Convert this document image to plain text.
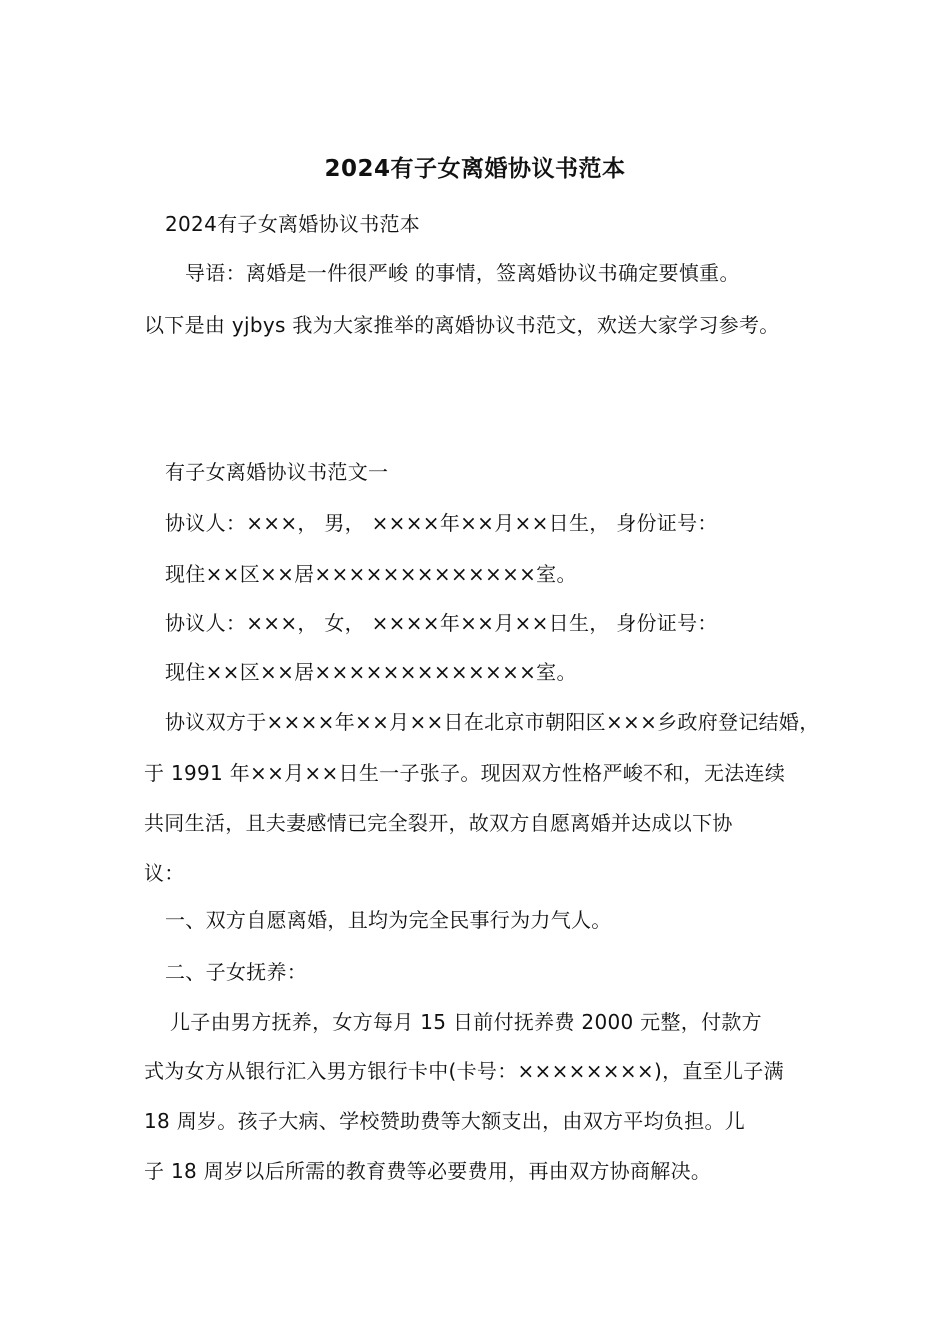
2024有子女离婚协议书范本
2024有子女离婚协议书范本
导语：离婚是一件很严峻 的事情，签离婚协议书确定要慎重。
以下是由 yjbys 我为大家推举的离婚协议书范文，欢送大家学习参考。
有子女离婚协议书范文一
协议人：×××， 男， ××××年××月××日生， 身份证号：
现住××区××居×××××××××××××室。
协议人：×××， 女， ××××年××月××日生， 身份证号：
现住××区××居×××××××××××××室。
协议双方于××××年××月××日在北京市朝阳区×××乡政府登记结婚，
于 1991 年××月××日生一子张子。现因双方性格严峻不和，无法连续
共同生活，且夫妻感情已完全裂开，故双方自愿离婚并达成以下协
议：
一、双方自愿离婚，且均为完全民事行为力气人。
二、子女抚养：
儿子由男方抚养，女方每月 15 日前付抚养费 2000 元整，付款方
式为女方从银行汇入男方银行卡中(卡号：××××××××)，直至儿子满
18 周岁。孩子大病、学校赞助费等大额支出，由双方平均负担。儿
子 18 周岁以后所需的教育费等必要费用，再由双方协商解决。
